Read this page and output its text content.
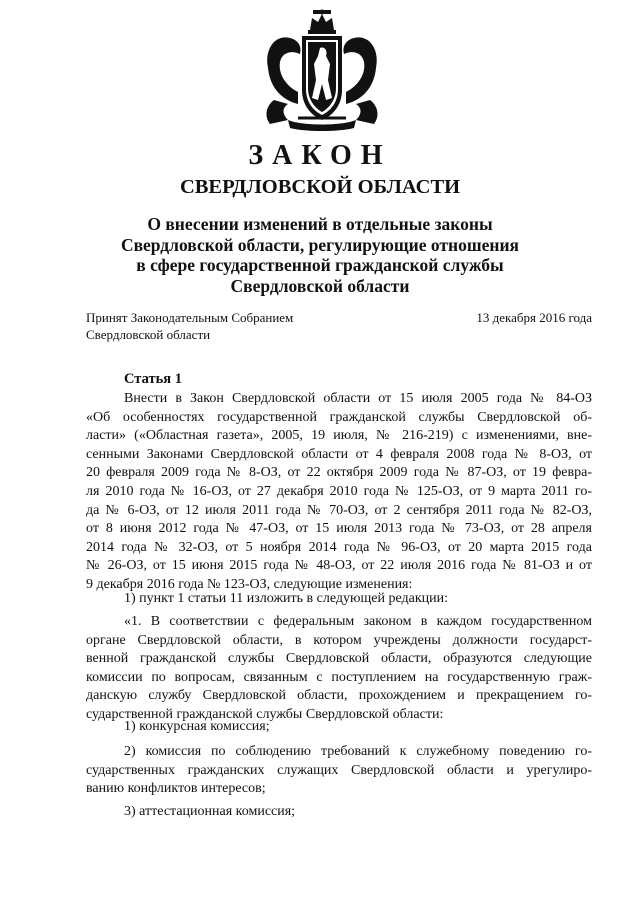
ЗАКОН
СВЕРДЛОВСКОЙ ОБЛАСТИ
О внесении изменений в отдельные законы
Свердловской области, регулирующие отношения
в сфере государственной гражданской службы
Свердловской области
Принят Законодательным Собранием
Свердловской области
13 декабря 2016 года
Статья 1
Внести в Закон Свердловской области от 15 июля 2005 года № 84-ОЗ
«Об особенностях государственной гражданской службы Свердловской об-
ласти» («Областная газета», 2005, 19 июля, № 216-219) с изменениями, вне-
сенными Законами Свердловской области от 4 февраля 2008 года № 8-ОЗ, от
20 февраля 2009 года № 8-ОЗ, от 22 октября 2009 года № 87-ОЗ, от 19 февра-
ля 2010 года № 16-ОЗ, от 27 декабря 2010 года № 125-ОЗ, от 9 марта 2011 го-
да № 6-ОЗ, от 12 июля 2011 года № 70-ОЗ, от 2 сентября 2011 года № 82-ОЗ,
от 8 июня 2012 года № 47-ОЗ, от 15 июля 2013 года № 73-ОЗ, от 28 апреля
2014 года № 32-ОЗ, от 5 ноября 2014 года № 96-ОЗ, от 20 марта 2015 года
№ 26-ОЗ, от 15 июня 2015 года № 48-ОЗ, от 22 июля 2016 года № 81-ОЗ и от
9 декабря 2016 года № 123-ОЗ, следующие изменения:
1) пункт 1 статьи 11 изложить в следующей редакции:
«1. В соответствии с федеральным законом в каждом государственном
органе Свердловской области, в котором учреждены должности государст-
венной гражданской службы Свердловской области, образуются следующие
комиссии по вопросам, связанным с поступлением на государственную граж-
данскую службу Свердловской области, прохождением и прекращением го-
сударственной гражданской службы Свердловской области:
1) конкурсная комиссия;
2) комиссия по соблюдению требований к служебному поведению го-
сударственных гражданских служащих Свердловской области и урегулиро-
ванию конфликтов интересов;
3) аттестационная комиссия;
